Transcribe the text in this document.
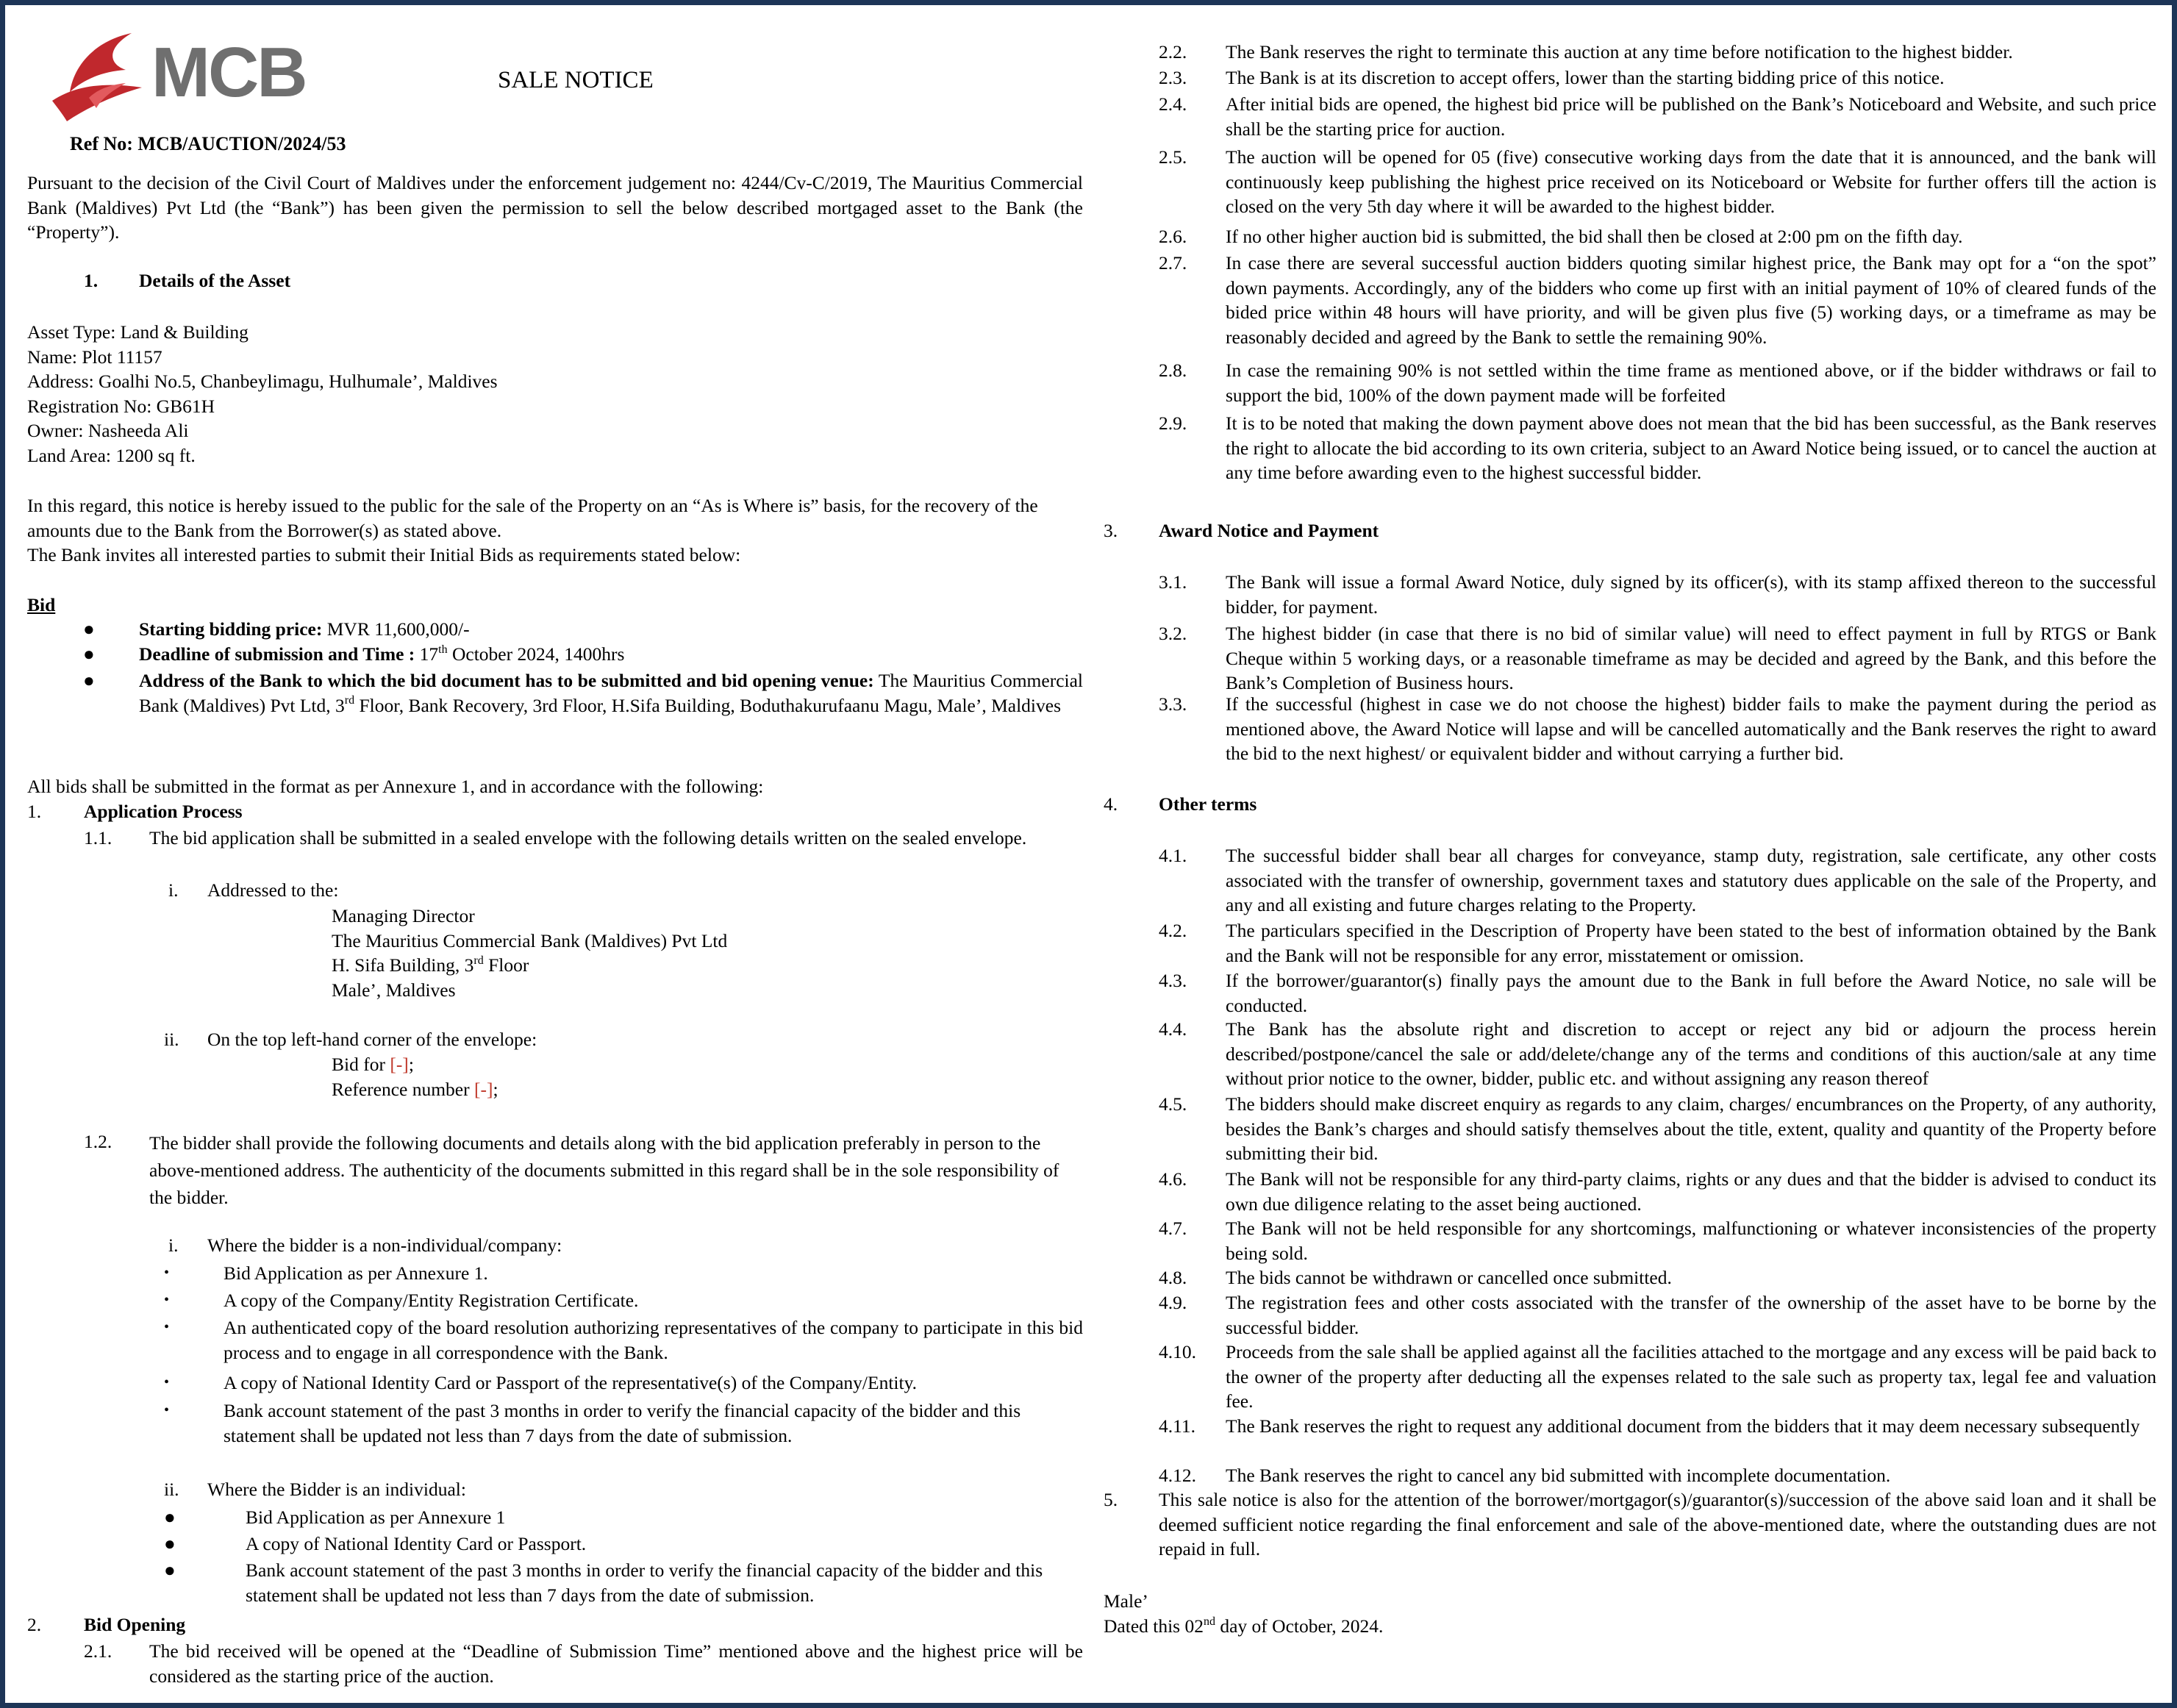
MCB	SALE NOTICE
Ref No: MCB/AUCTION/2024/53

Pursuant to the decision of the Civil Court of Maldives under the enforcement judgement no: 4244/Cv-C/2019, The Mauritius Commercial Bank (Maldives) Pvt Ltd (the “Bank”) has been given the permission to sell the below described mortgaged asset to the Bank (the “Property”).

1. Details of the Asset

Asset Type: Land & Building

Name: Plot 11157

Address: Goalhi No.5, Chanbeylimagu, Hulhumale’, Maldives

Registration No: GB61H

Owner: Nasheeda Ali

Land Area: 1200 sq ft.

In this regard, this notice is hereby issued to the public for the sale of the Property on an “As is Where is” basis, for the recovery of the amounts due to the Bank from the Borrower(s) as stated above.

The Bank invites all interested parties to submit their Initial Bids as requirements stated below:

Bid
● Starting bidding price: MVR 11,600,000/-

● Deadline of submission and Time : 17th October 2024, 1400hrs

● Address of the Bank to which the bid document has to be submitted and bid opening venue: The Mauritius Commercial Bank (Maldives) Pvt Ltd, 3rd Floor, Bank Recovery, 3rd Floor, H.Sifa Building, Boduthakurufaanu Magu, Male’, Maldives

All bids shall be submitted in the format as per Annexure 1, and in accordance with the following:

1. Application Process
1.1. The bid application shall be submitted in a sealed envelope with the following details written on the sealed envelope.

i. Addressed to the:

Managing Director

The Mauritius Commercial Bank (Maldives) Pvt Ltd

H. Sifa Building, 3rd Floor

Male’, Maldives

ii. On the top left-hand corner of the envelope:

Bid for [-];

Reference number [-];

1.2. The bidder shall provide the following documents and details along with the bid application preferably in person to the above-mentioned address. The authenticity of the documents submitted in this regard shall be in the sole responsibility of the bidder.

i. Where the bidder is a non-individual/company:

•	Bid Application as per Annexure 1.

•	A copy of the Company/Entity Registration Certificate.

•	An authenticated copy of the board resolution authorizing representatives of the company to participate in this bid process and to engage in all correspondence with the Bank.

•	A copy of National Identity Card or Passport of the representative(s) of the Company/Entity.

•	Bank account statement of the past 3 months in order to verify the financial capacity of the bidder and this statement shall be updated not less than 7 days from the date of submission.

ii. Where the Bidder is an individual:

●	Bid Application as per Annexure 1

●	A copy of National Identity Card or Passport.

●	Bank account statement of the past 3 months in order to verify the financial capacity of the bidder and this statement shall be updated not less than 7 days from the date of submission.

2. Bid Opening
2.1. The bid received will be opened at the “Deadline of Submission Time” mentioned above and the highest price will be considered as the starting price of the auction.

2.2. The Bank reserves the right to terminate this auction at any time before notification to the highest bidder.

2.3. The Bank is at its discretion to accept offers, lower than the starting bidding price of this notice.

2.4. After initial bids are opened, the highest bid price will be published on the Bank’s Noticeboard and Website, and such price shall be the starting price for auction.

2.5. The auction will be opened for 05 (five) consecutive working days from the date that it is announced, and the bank will continuously keep publishing the highest price received on its Noticeboard or Website for further offers till the action is closed on the very 5th day where it will be awarded to the highest bidder.

2.6. If no other higher auction bid is submitted, the bid shall then be closed at 2:00 pm on the fifth day.

2.7. In case there are several successful auction bidders quoting similar highest price, the Bank may opt for a “on the spot” down payments. Accordingly, any of the bidders who come up first with an initial payment of 10% of cleared funds of the bided price within 48 hours will have priority, and will be given plus five (5) working days, or a timeframe as may be reasonably decided and agreed by the Bank to settle the remaining 90%.

2.8. In case the remaining 90% is not settled within the time frame as mentioned above, or if the bidder withdraws or fail to support the bid, 100% of the down payment made will be forfeited

2.9. It is to be noted that making the down payment above does not mean that the bid has been successful, as the Bank reserves the right to allocate the bid according to its own criteria, subject to an Award Notice being issued, or to cancel the auction at any time before awarding even to the highest successful bidder.

3. Award Notice and Payment
3.1. The Bank will issue a formal Award Notice, duly signed by its officer(s), with its stamp affixed thereon to the successful bidder, for payment.

3.2. The highest bidder (in case that there is no bid of similar value) will need to effect payment in full by RTGS or Bank Cheque within 5 working days, or a reasonable timeframe as may be decided and agreed by the Bank, and this before the Bank’s Completion of Business hours.

3.3. If the successful (highest in case we do not choose the highest) bidder fails to make the payment during the period as mentioned above, the Award Notice will lapse and will be cancelled automatically and the Bank reserves the right to award the bid to the next highest/ or equivalent bidder and without carrying a further bid.

4. Other terms
4.1. The successful bidder shall bear all charges for conveyance, stamp duty, registration, sale certificate, any other costs associated with the transfer of ownership, government taxes and statutory dues applicable on the sale of the Property, and any and all existing and future charges relating to the Property.

4.2. The particulars specified in the Description of Property have been stated to the best of information obtained by the Bank and the Bank will not be responsible for any error, misstatement or omission.

4.3. If the borrower/guarantor(s) finally pays the amount due to the Bank in full before the Award Notice, no sale will be conducted.

4.4. The Bank has the absolute right and discretion to accept or reject any bid or adjourn the process herein described/postpone/cancel the sale or add/delete/change any of the terms and conditions of this auction/sale at any time without prior notice to the owner, bidder, public etc. and without assigning any reason thereof

4.5. The bidders should make discreet enquiry as regards to any claim, charges/ encumbrances on the Property, of any authority, besides the Bank’s charges and should satisfy themselves about the title, extent, quality and quantity of the Property before submitting their bid.

4.6. The Bank will not be responsible for any third-party claims, rights or any dues and that the bidder is advised to conduct its own due diligence relating to the asset being auctioned.

4.7. The Bank will not be held responsible for any shortcomings, malfunctioning or whatever inconsistencies of the property being sold.

4.8. The bids cannot be withdrawn or cancelled once submitted.

4.9. The registration fees and other costs associated with the transfer of the ownership of the asset have to be borne by the successful bidder.

4.10. Proceeds from the sale shall be applied against all the facilities attached to the mortgage and any excess will be paid back to the owner of the property after deducting all the expenses related to the sale such as property tax, legal fee and valuation fee.

4.11. The Bank reserves the right to request any additional document from the bidders that it may deem necessary subsequently

4.12. The Bank reserves the right to cancel any bid submitted with incomplete documentation.

5. This sale notice is also for the attention of the borrower/mortgagor(s)/guarantor(s)/succession of the above said loan and it shall be deemed sufficient notice regarding the final enforcement and sale of the above-mentioned date, where the outstanding dues are not repaid in full.

Male’

Dated this 02nd day of October, 2024.
